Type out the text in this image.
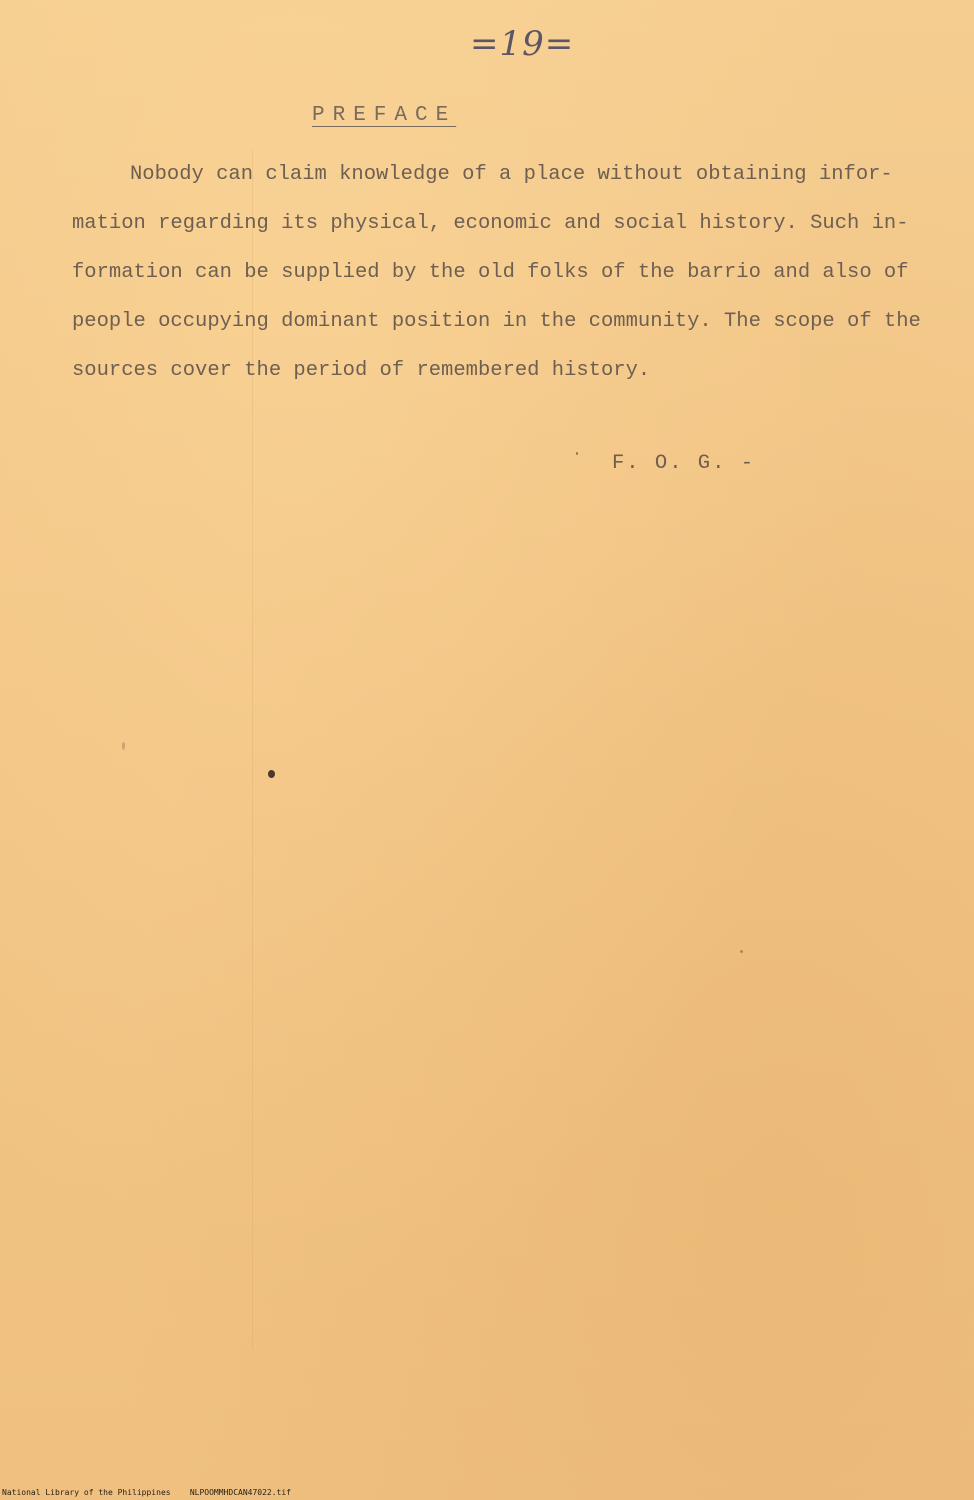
=19=
PREFACE
Nobody can claim knowledge of a place without obtaining infor-
mation regarding its physical, economic and social history. Such in-
formation can be supplied by the old folks of the barrio and also of
people occupying dominant position in the community. The scope of the
sources cover the period of remembered history.
F. O. G. -
National Library of the Philippines NLPOOMMHDCAN47022.tif
